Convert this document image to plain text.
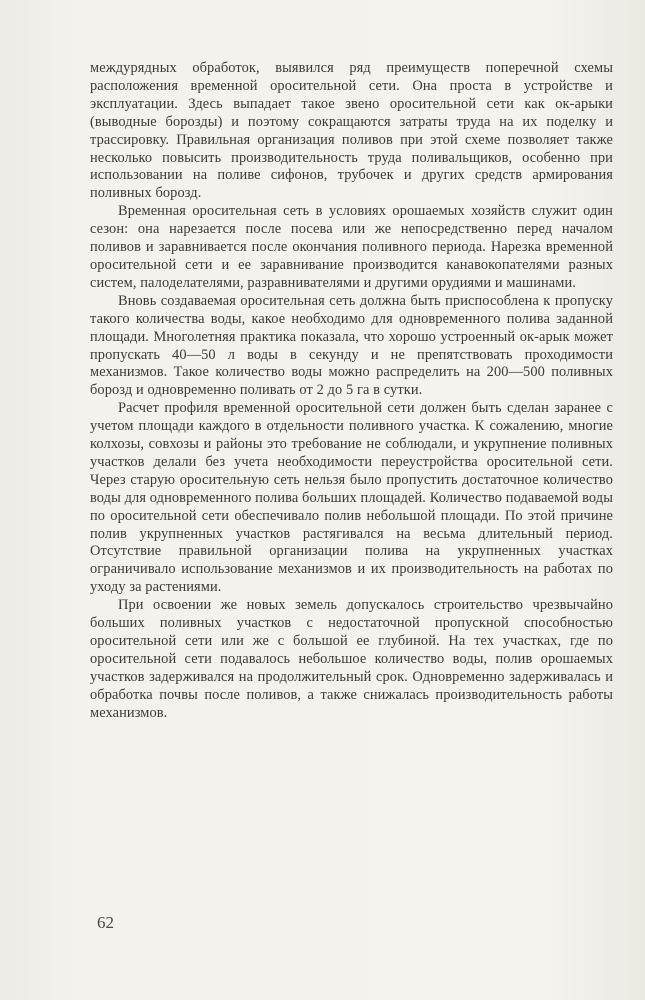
междурядных обработок, выявился ряд преимуществ поперечной схемы расположения временной оросительной сети. Она проста в устройстве и эксплуатации. Здесь выпадает такое звено оросительной сети как ок-арыки (выводные борозды) и поэтому сокращаются затраты труда на их поделку и трассировку. Правильная организация поливов при этой схеме позволяет также несколько повысить производительность труда поливальщиков, особенно при использовании на поливе сифонов, трубочек и других средств армирования поливных борозд.

Временная оросительная сеть в условиях орошаемых хозяйств служит один сезон: она нарезается после посева или же непосредственно перед началом поливов и заравнивается после окончания поливного периода. Нарезка временной оросительной сети и ее заравнивание производится канавокопателями разных систем, палоделателями, разравнивателями и другими орудиями и машинами.

Вновь создаваемая оросительная сеть должна быть приспособлена к пропуску такого количества воды, какое необходимо для одновременного полива заданной площади. Многолетняя практика показала, что хорошо устроенный ок-арык может пропускать 40—50 л воды в секунду и не препятствовать проходимости механизмов. Такое количество воды можно распределить на 200—500 поливных борозд и одновременно поливать от 2 до 5 га в сутки.

Расчет профиля временной оросительной сети должен быть сделан заранее с учетом площади каждого в отдельности поливного участка. К сожалению, многие колхозы, совхозы и районы это требование не соблюдали, и укрупнение поливных участков делали без учета необходимости переустройства оросительной сети. Через старую оросительную сеть нельзя было пропустить достаточное количество воды для одновременного полива больших площадей. Количество подаваемой воды по оросительной сети обеспечивало полив небольшой площади. По этой причине полив укрупненных участков растягивался на весьма длительный период. Отсутствие правильной организации полива на укрупненных участках ограничивало использование механизмов и их производительность на работах по уходу за растениями.

При освоении же новых земель допускалось строительство чрезвычайно больших поливных участков с недостаточной пропускной способностью оросительной сети или же с большой ее глубиной. На тех участках, где по оросительной сети подавалось небольшое количество воды, полив орошаемых участков задерживался на продолжительный срок. Одновременно задерживалась и обработка почвы после поливов, а также снижалась производительность работы механизмов.

62
